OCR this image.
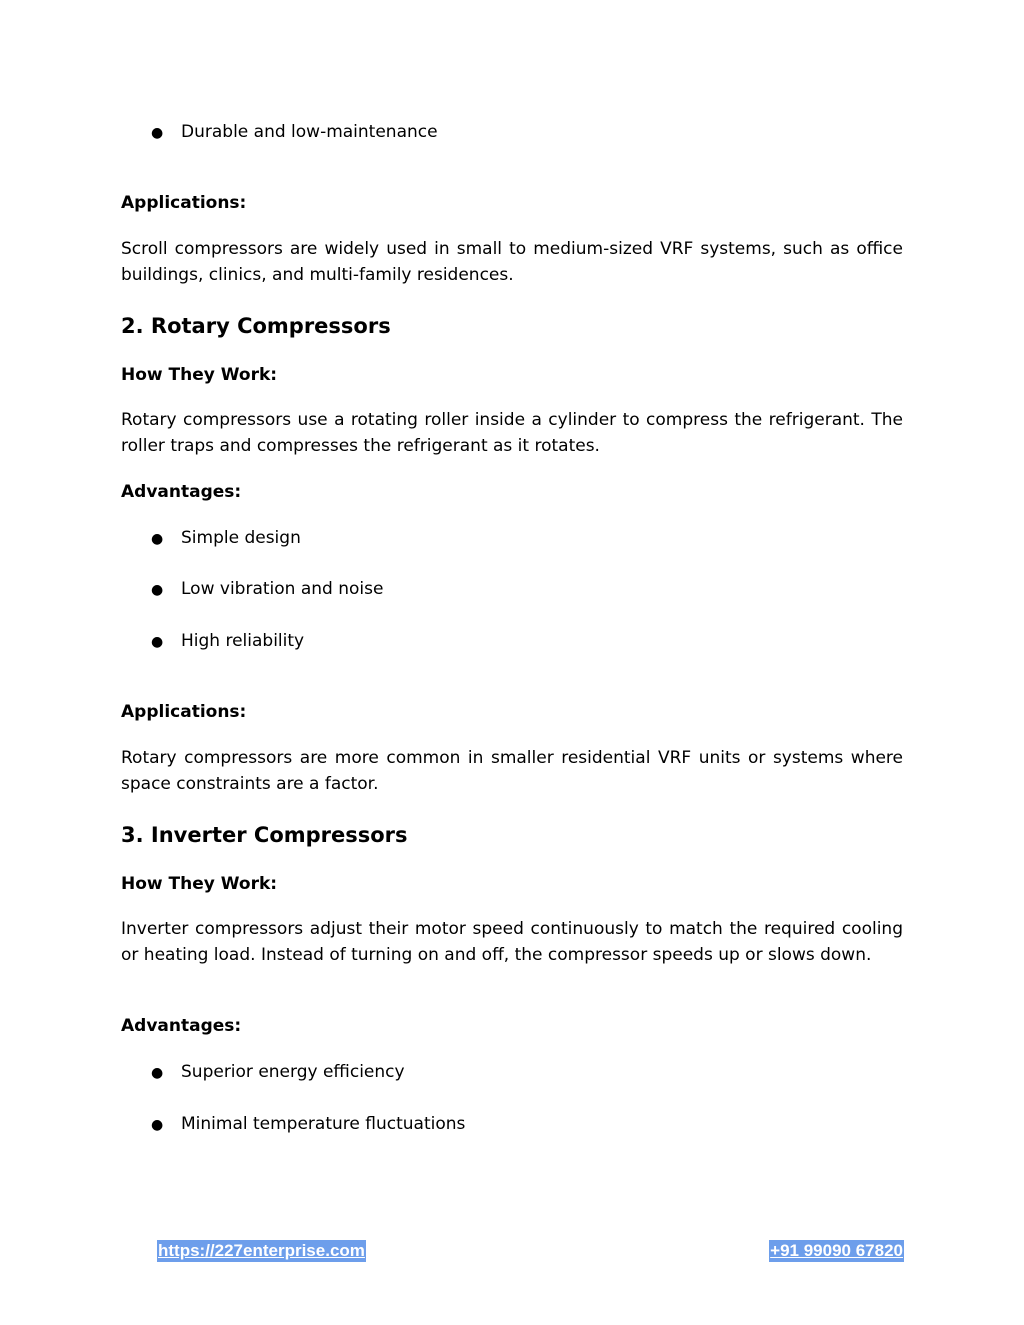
● Durable and low-maintenance
Applications:
Scroll compressors are widely used in small to medium-sized VRF systems, such as office buildings, clinics, and multi-family residences.
2. Rotary Compressors
How They Work:
Rotary compressors use a rotating roller inside a cylinder to compress the refrigerant. The roller traps and compresses the refrigerant as it rotates.
Advantages:
● Simple design
● Low vibration and noise
● High reliability
Applications:
Rotary compressors are more common in smaller residential VRF units or systems where space constraints are a factor.
3. Inverter Compressors
How They Work:
Inverter compressors adjust their motor speed continuously to match the required cooling or heating load. Instead of turning on and off, the compressor speeds up or slows down.
Advantages:
● Superior energy efficiency
● Minimal temperature fluctuations
https://227enterprise.com	+91 99090 67820
